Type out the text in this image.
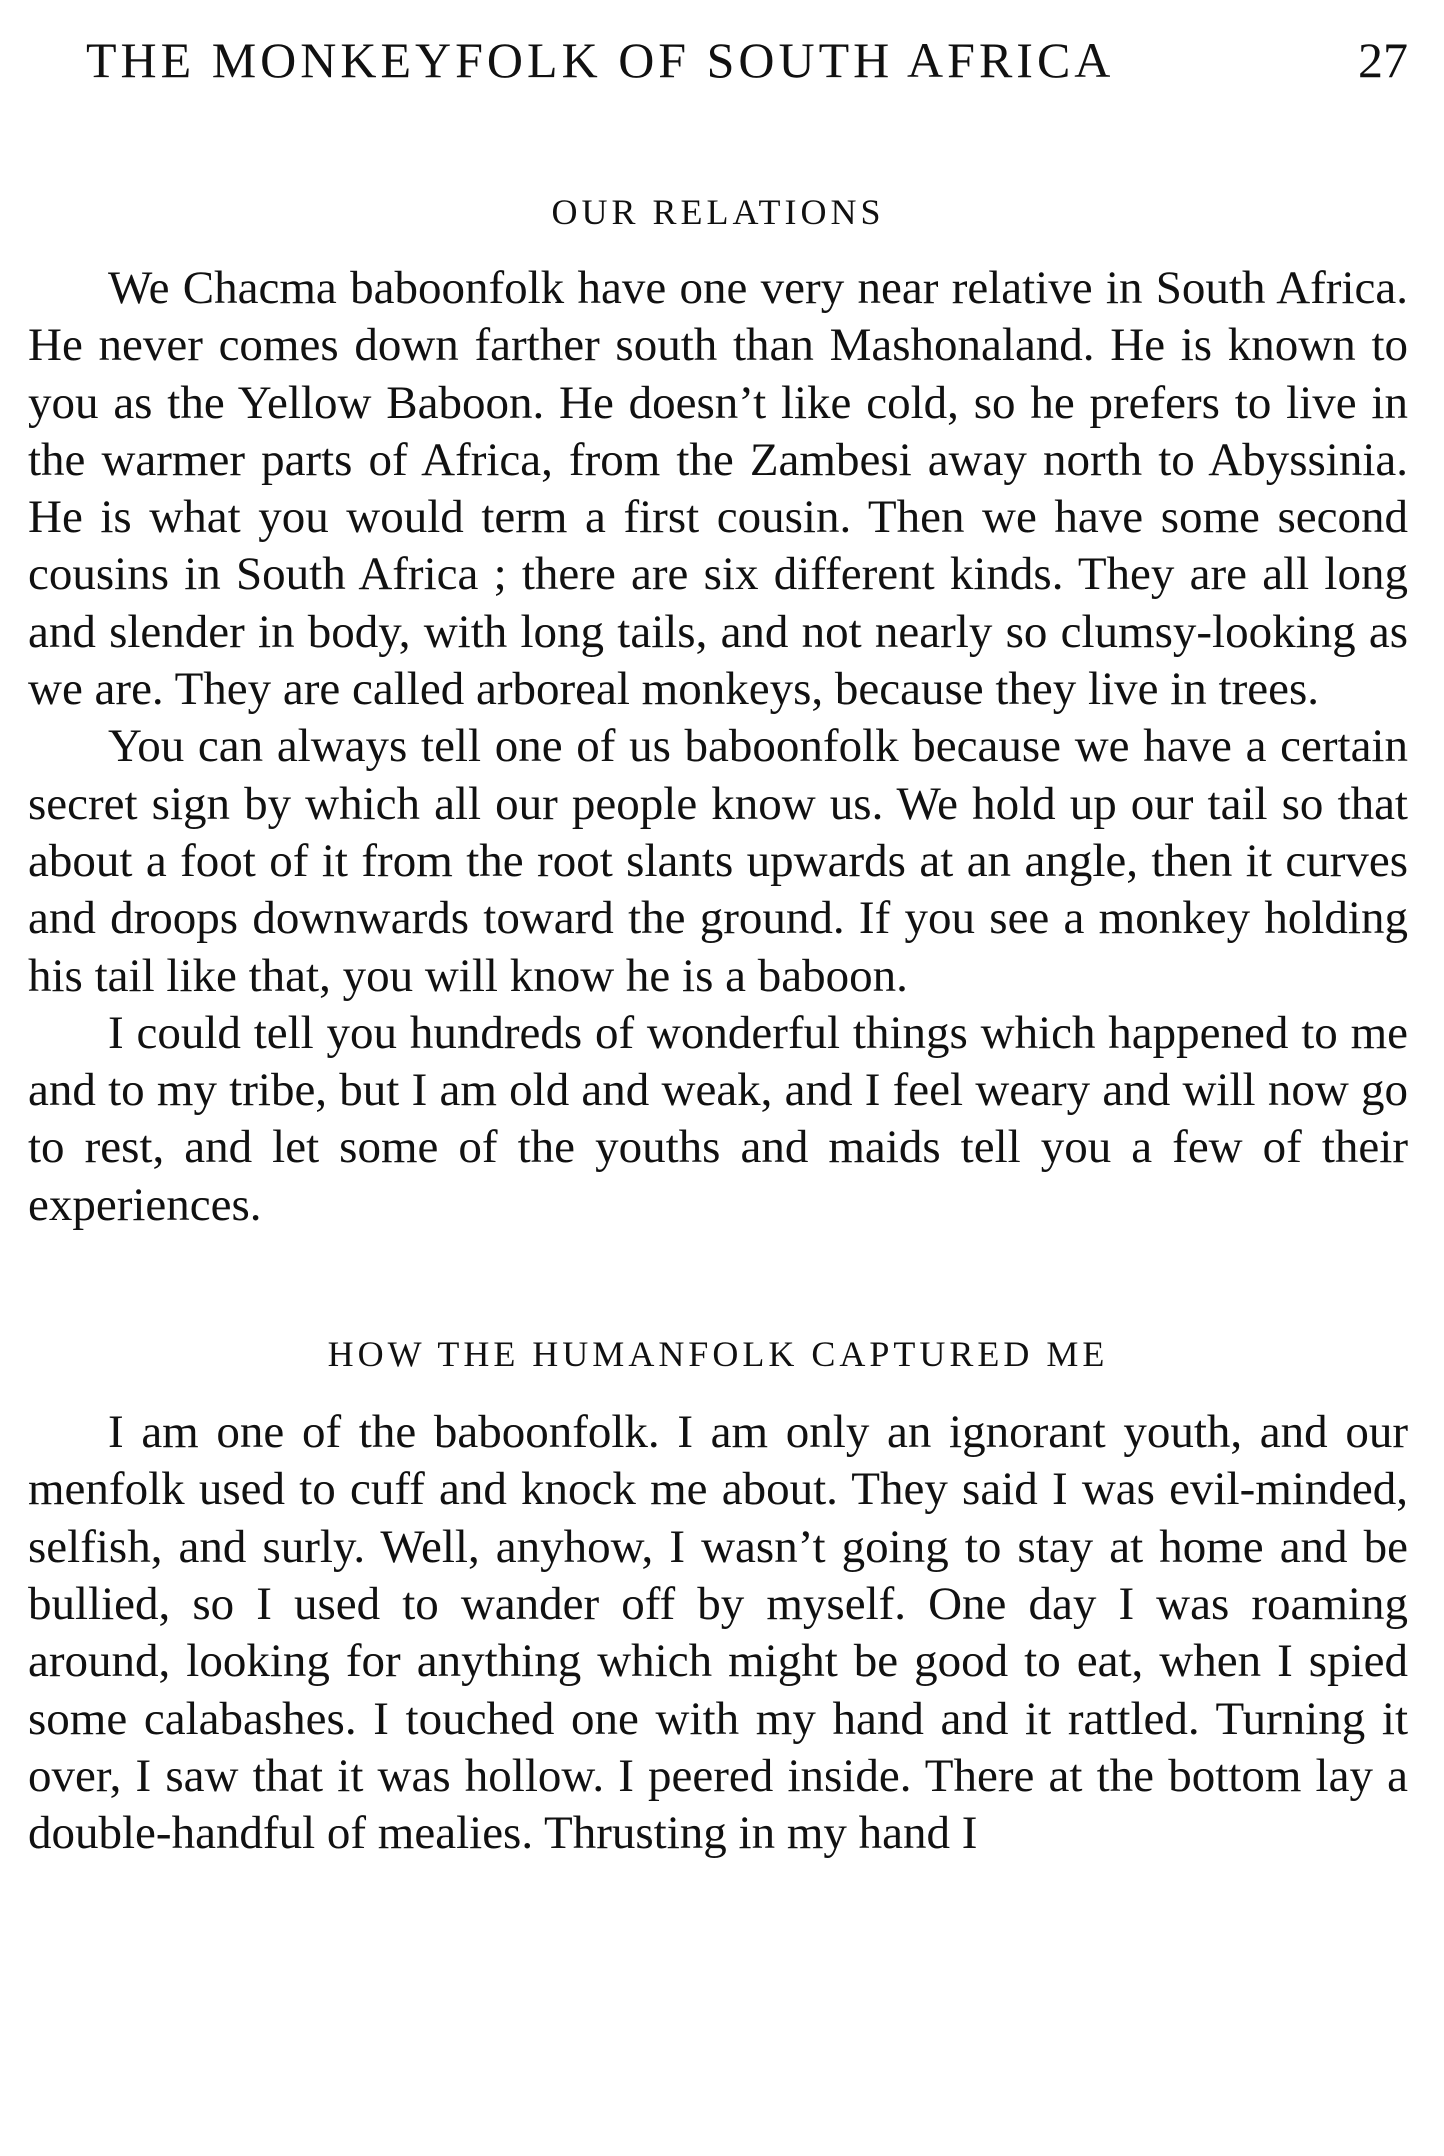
THE MONKEYFOLK OF SOUTH AFRICA	27
OUR RELATIONS

We Chacma baboonfolk have one very near relative in South Africa. He never comes down farther south than Mashonaland. He is known to you as the Yellow Baboon. He doesn’t like cold, so he prefers to live in the warmer parts of Africa, from the Zambesi away north to Abyssinia. He is what you would term a first cousin. Then we have some second cousins in South Africa ; there are six different kinds. They are all long and slender in body, with long tails, and not nearly so clumsy-looking as we are. They are called arboreal monkeys, because they live in trees.

You can always tell one of us baboonfolk because we have a certain secret sign by which all our people know us. We hold up our tail so that about a foot of it from the root slants upwards at an angle, then it curves and droops downwards toward the ground. If you see a monkey holding his tail like that, you will know he is a baboon.

I could tell you hundreds of wonderful things which happened to me and to my tribe, but I am old and weak, and I feel weary and will now go to rest, and let some of the youths and maids tell you a few of their experiences.

HOW THE HUMANFOLK CAPTURED ME

I am one of the baboonfolk. I am only an ignorant youth, and our menfolk used to cuff and knock me about. They said I was evil-minded, selfish, and surly. Well, anyhow, I wasn’t going to stay at home and be bullied, so I used to wander off by myself. One day I was roaming around, looking for anything which might be good to eat, when I spied some calabashes. I touched one with my hand and it rattled. Turning it over, I saw that it was hollow. I peered inside. There at the bottom lay a double-handful of mealies. Thrusting in my hand I
